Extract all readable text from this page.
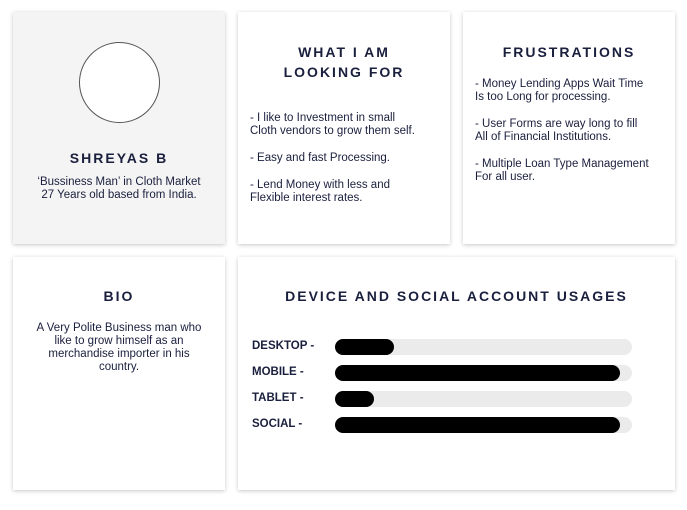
SHREYAS B
‘Bussiness Man’ in Cloth Market
27 Years old based from India.
WHAT I AM
LOOKING FOR
- I like to Investment in small
Cloth vendors to grow them self.
- Easy and fast Processing.
- Lend Money with less and
Flexible interest rates.
FRUSTRATIONS
- Money Lending Apps Wait Time
Is too Long for processing.
- User Forms are way long to fill
All of Financial Institutions.
- Multiple Loan Type Management
For all user.
BIO
A Very Polite Business man who
like to grow himself as an
merchandise importer in his
country.
DEVICE AND SOCIAL ACCOUNT USAGES
DESKTOP -
MOBILE -
TABLET -
SOCIAL -
